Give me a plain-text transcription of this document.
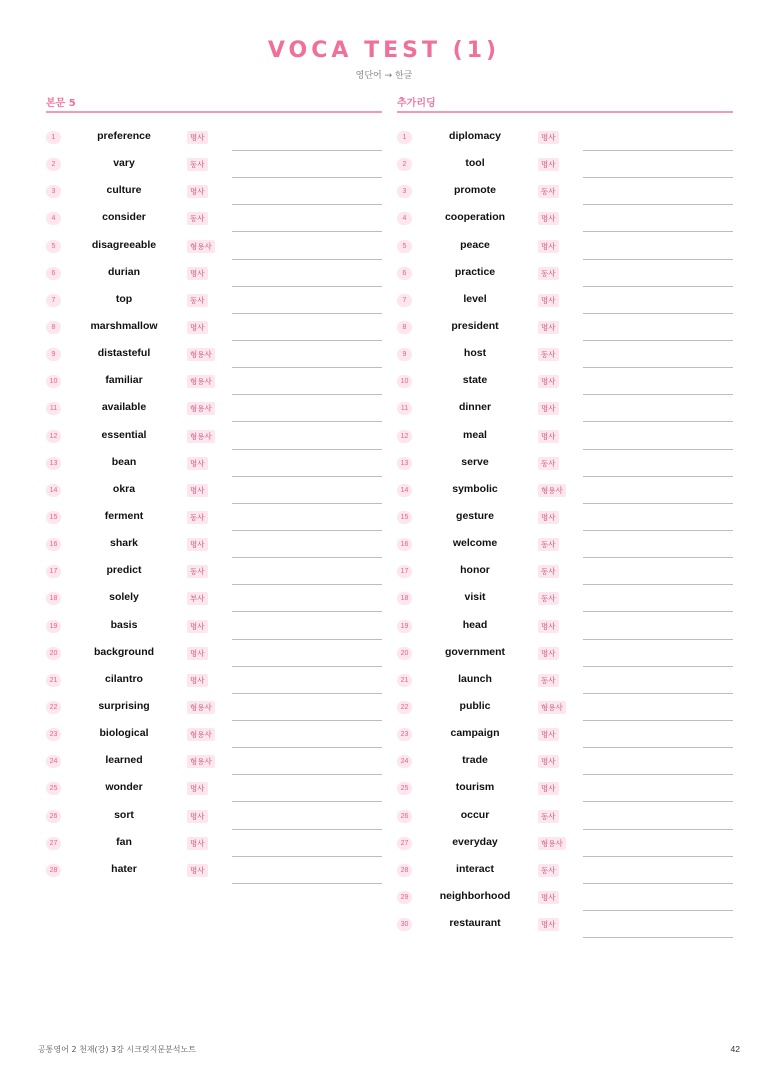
VOCA TEST (1)
영단어 → 한글
본문 5
1	preference	명사
2	vary	동사
3	culture	명사
4	consider	동사
5	disagreeable	형용사
6	durian	명사
7	top	동사
8	marshmallow	명사
9	distasteful	형용사
10	familiar	형용사
11	available	형용사
12	essential	형용사
13	bean	명사
14	okra	명사
15	ferment	동사
16	shark	명사
17	predict	동사
18	solely	부사
19	basis	명사
20	background	명사
21	cilantro	명사
22	surprising	형용사
23	biological	형용사
24	learned	형용사
25	wonder	명사
26	sort	명사
27	fan	명사
28	hater	명사
추가리딩
1	diplomacy	명사
2	tool	명사
3	promote	동사
4	cooperation	명사
5	peace	명사
6	practice	동사
7	level	명사
8	president	명사
9	host	동사
10	state	명사
11	dinner	명사
12	meal	명사
13	serve	동사
14	symbolic	형용사
15	gesture	명사
16	welcome	동사
17	honor	동사
18	visit	동사
19	head	명사
20	government	명사
21	launch	동사
22	public	형용사
23	campaign	명사
24	trade	명사
25	tourism	명사
26	occur	동사
27	everyday	형용사
28	interact	동사
29	neighborhood	명사
30	restaurant	명사
공통영어 2 천재(강) 3강 시크릿지문분석노트	42
